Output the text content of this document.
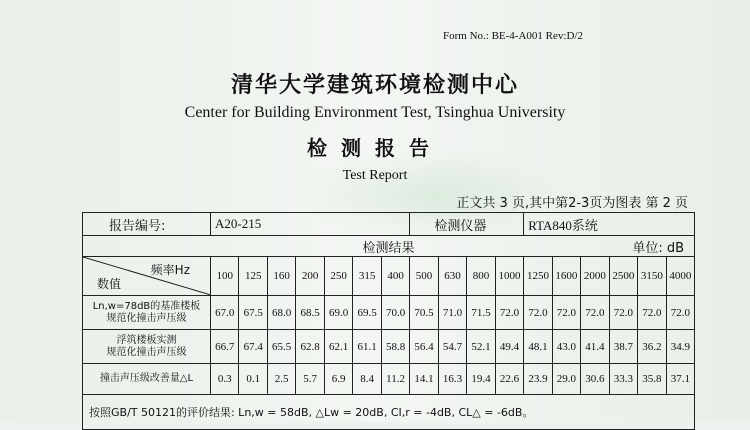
Form No.: BE-4-A001 Rev:D/2
清华大学建筑环境检测中心
Center for Building Environment Test, Tsinghua University
检测报告
Test Report
正文共 3 页,其中第2-3页为图表 第 2 页
报告编号:	A20-215							检测仪器				RTA840系统					
检测结果 单位: dB																	

频率Hz
数值	100	125	160	200	250	315	400	500	630	800	1000	1250	1600	2000	2500	3150	4000
Ln,w=78dB的基准楼板
规范化撞击声压级	67.0	67.5	68.0	68.5	69.0	69.5	70.0	70.5	71.0	71.5	72.0	72.0	72.0	72.0	72.0	72.0	72.0
浮筑楼板实测
规范化撞击声压级	66.7	67.4	65.5	62.8	62.1	61.1	58.8	56.4	54.7	52.1	49.4	48.1	43.0	41.4	38.7	36.2	34.9
撞击声压级改善量△L	0.3	0.1	2.5	5.7	6.9	8.4	11.2	14.1	16.3	19.4	22.6	23.9	29.0	30.6	33.3	35.8	37.1
按照GB/T 50121的评价结果: Ln,w = 58dB, △Lw = 20dB, CI,r = -4dB, CL△ = -6dB。																	
